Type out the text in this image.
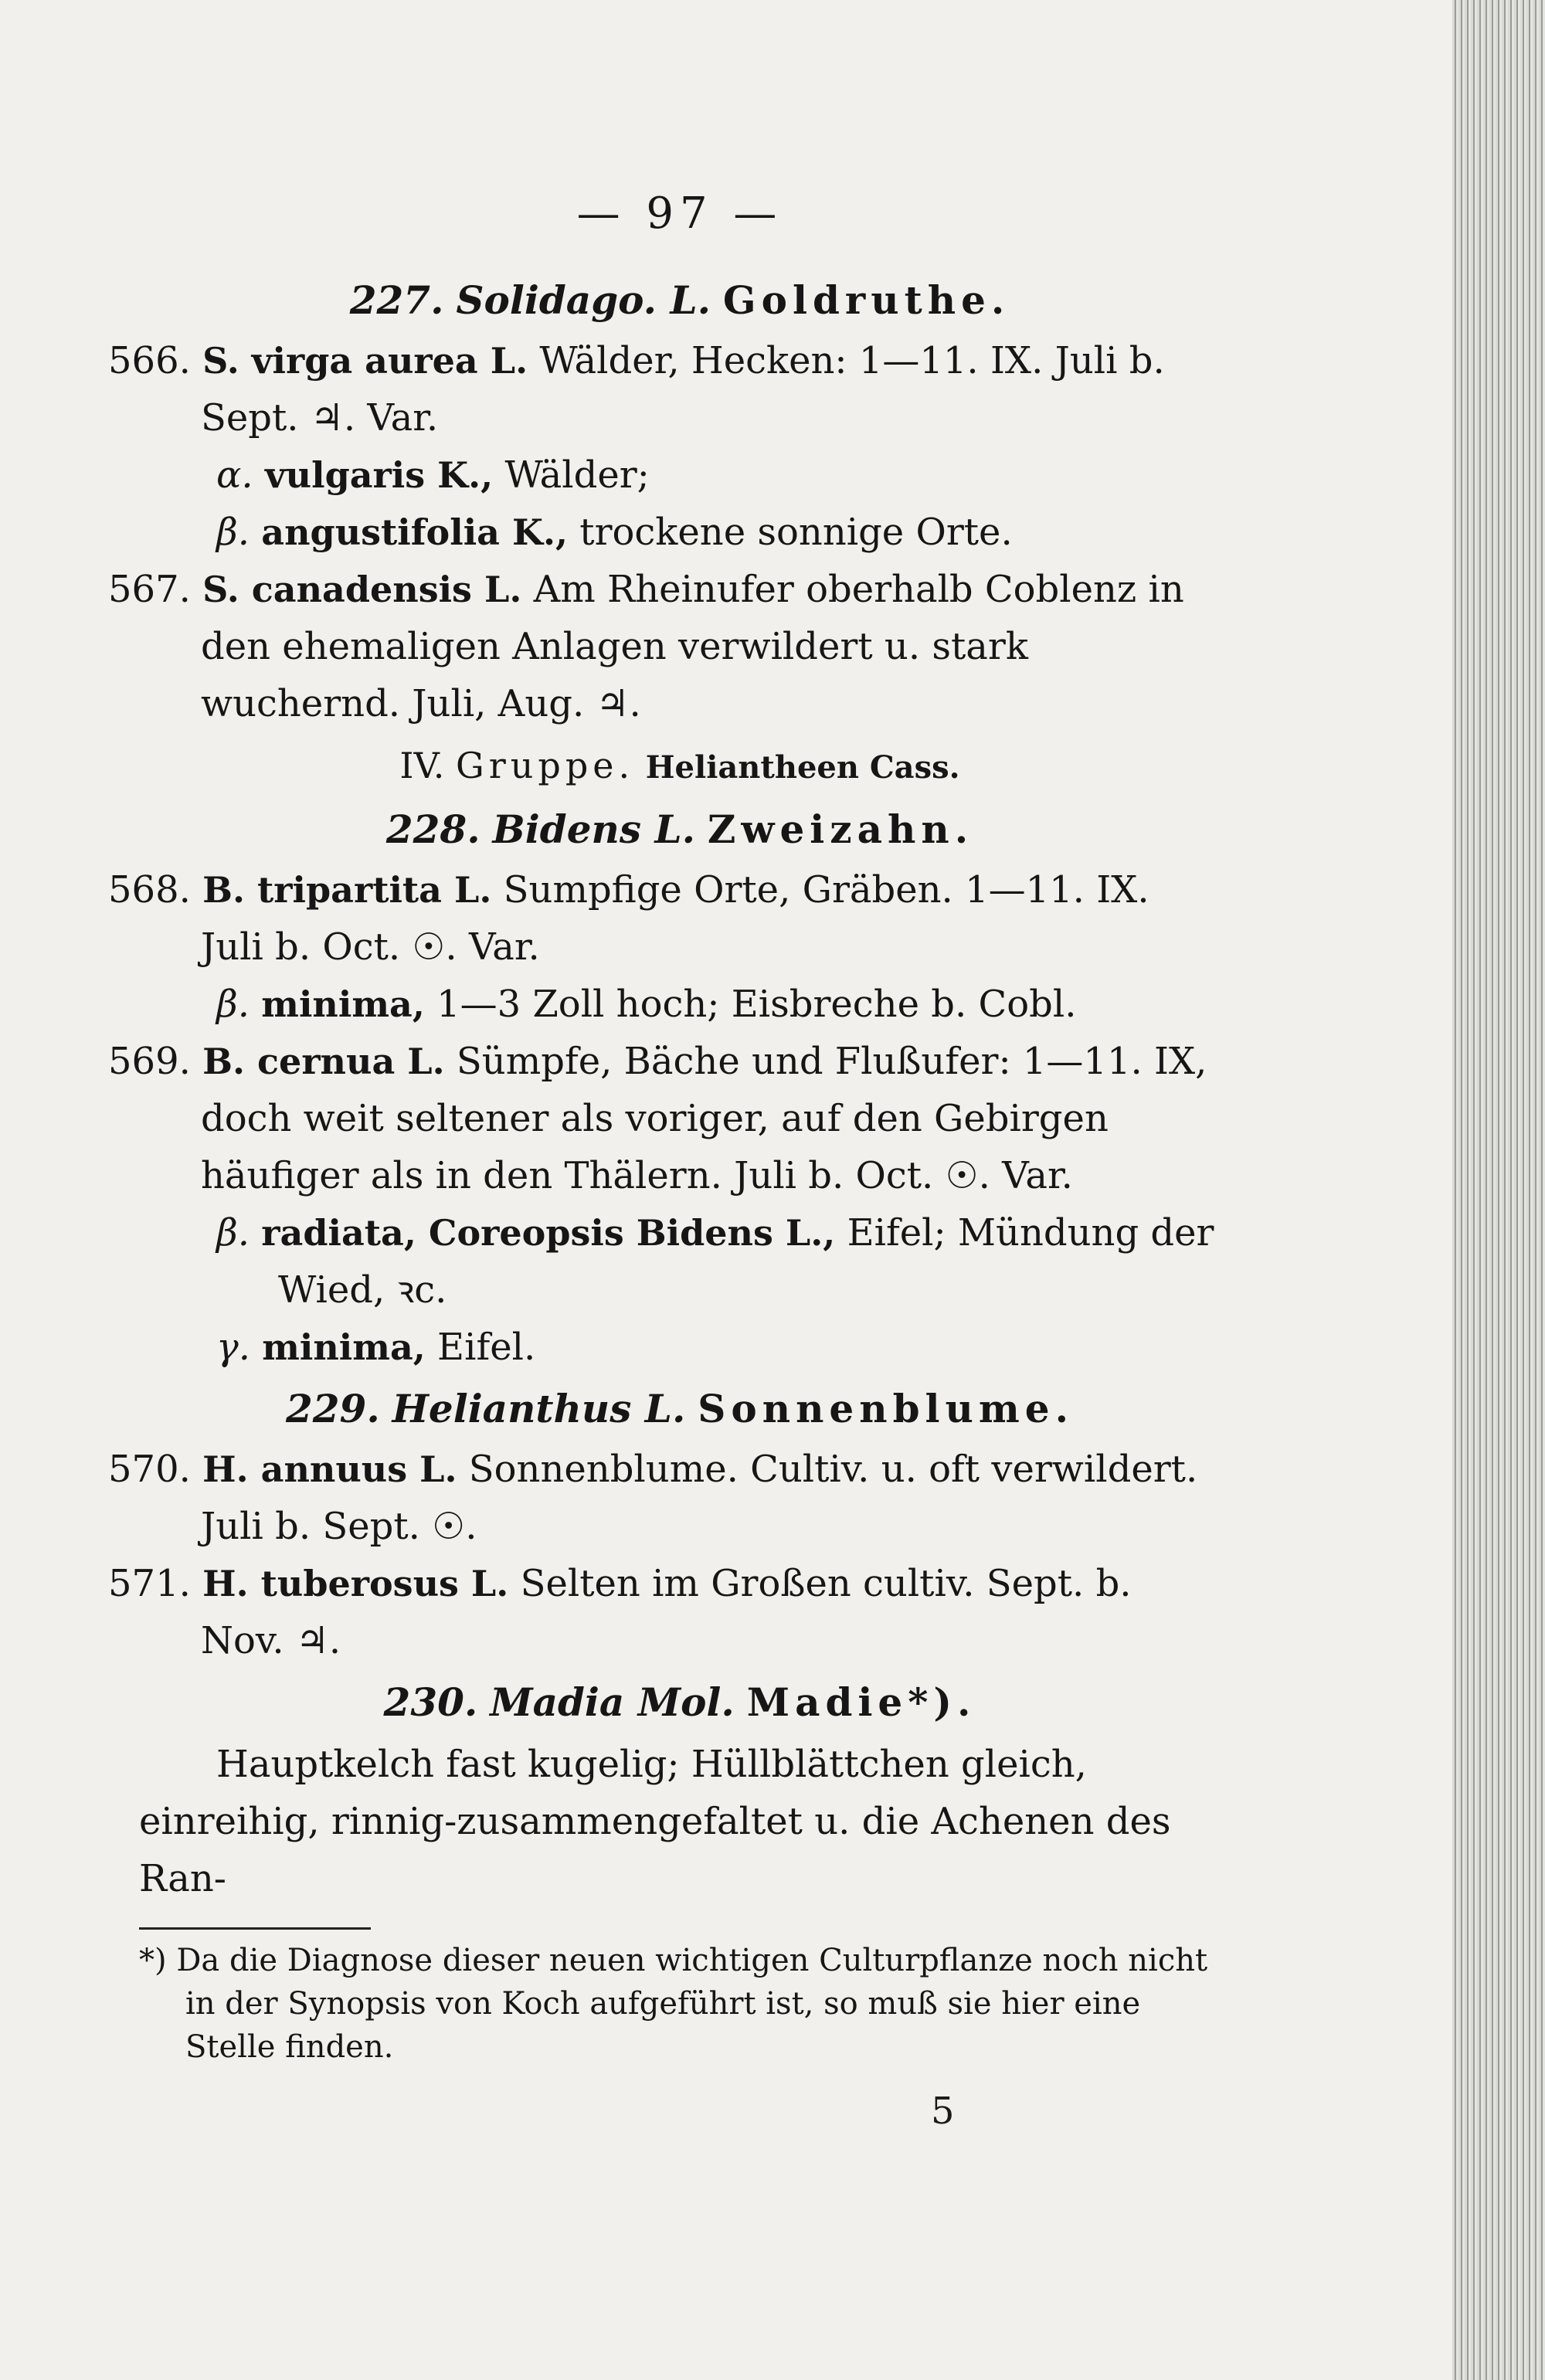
— 97 —
227. Solidago. L. Goldruthe.

566. S. virga aurea L. Wälder, Hecken: 1—11. IX. Juli b. Sept. ♃. Var.

α. vulgaris K., Wälder;

β. angustifolia K., trockene sonnige Orte.

567. S. canadensis L. Am Rheinufer oberhalb Coblenz in den ehemaligen Anlagen verwildert u. stark wuchernd. Juli, Aug. ♃.

IV. Gruppe. Heliantheen Cass.
228. Bidens L. Zweizahn.

568. B. tripartita L. Sumpfige Orte, Gräben. 1—11. IX. Juli b. Oct. ☉. Var.

β. minima, 1—3 Zoll hoch; Eisbreche b. Cobl.

569. B. cernua L. Sümpfe, Bäche und Flußufer: 1—11. IX, doch weit seltener als voriger, auf den Gebirgen häufiger als in den Thälern. Juli b. Oct. ☉. Var.

β. radiata, Coreopsis Bidens L., Eifel; Mündung der Wied, ꝛc.

γ. minima, Eifel.

229. Helianthus L. Sonnenblume.

570. H. annuus L. Sonnenblume. Cultiv. u. oft verwildert. Juli b. Sept. ☉.

571. H. tuberosus L. Selten im Großen cultiv. Sept. b. Nov. ♃.

230. Madia Mol. Madie*).

Hauptkelch fast kugelig; Hüllblättchen gleich, einreihig, rinnig-zusammengefaltet u. die Achenen des Ran-

*) Da die Diagnose dieser neuen wichtigen Culturpflanze noch nicht in der Synopsis von Koch aufgeführt ist, so muß sie hier eine Stelle finden.

5
